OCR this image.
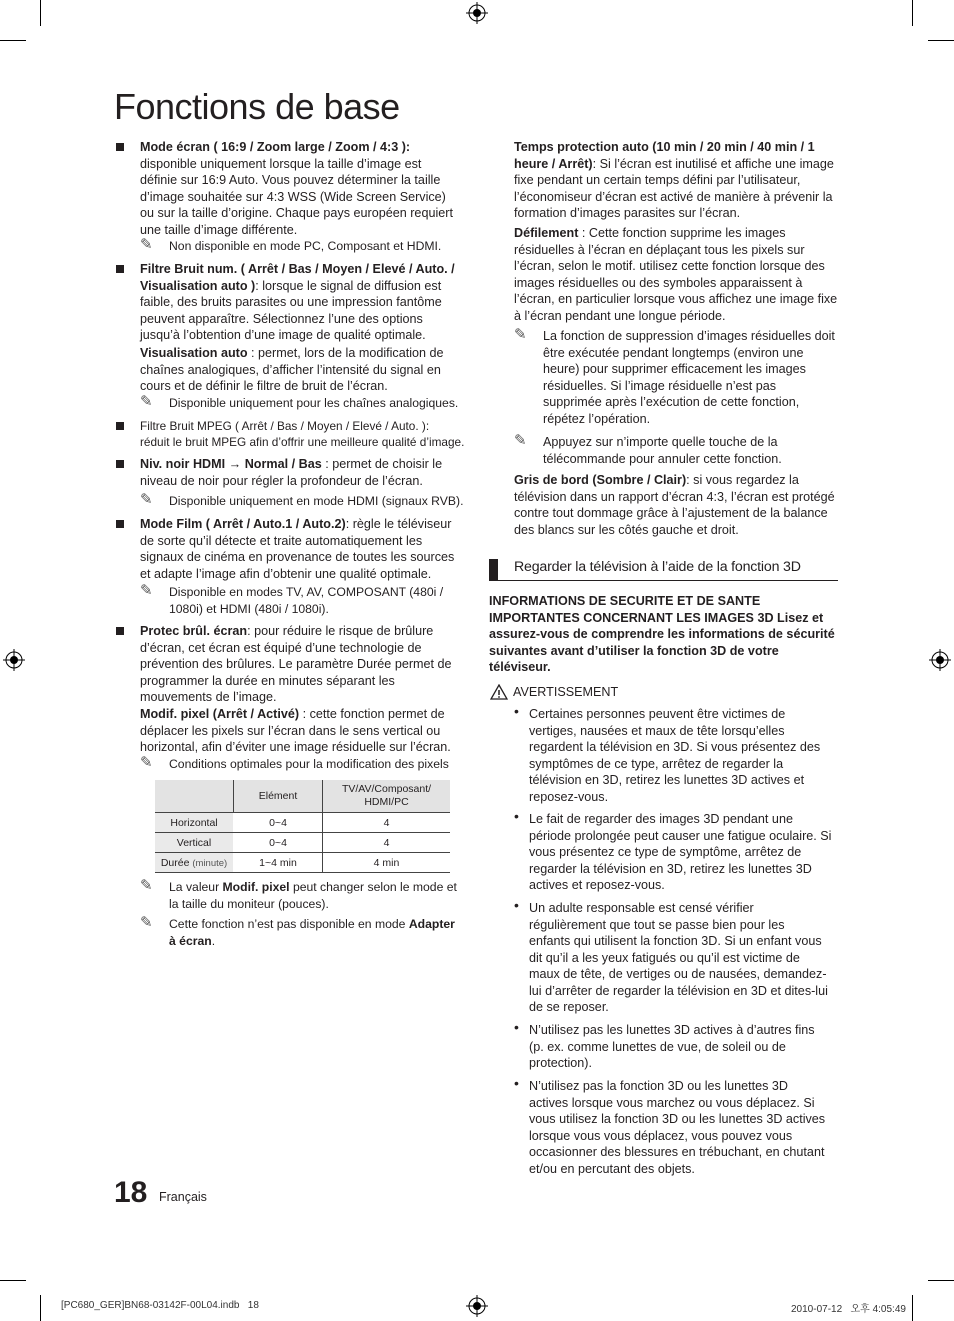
Fonctions de base
Mode écran ( 16:9 / Zoom large / Zoom / 4:3 ): disponible uniquement lorsque la taille d’image est définie sur 16:9 Auto. Vous pouvez déterminer la taille d’image souhaitée sur 4:3 WSS (Wide Screen Service) ou sur la taille d’origine. Chaque pays européen requiert une taille d’image différente.
✎ Non disponible en mode PC, Composant et HDMI.
Filtre Bruit num. ( Arrêt / Bas / Moyen / Elevé / Auto. / Visualisation auto ): lorsque le signal de diffusion est faible, des bruits parasites ou une impression fantôme peuvent apparaître. Sélectionnez l’une des options jusqu’à l’obtention d’une image de qualité optimale.
Visualisation auto : permet, lors de la modification de chaînes analogiques, d’afficher l’intensité du signal en cours et de définir le filtre de bruit de l’écran.
✎ Disponible uniquement pour les chaînes analogiques.
Filtre Bruit MPEG ( Arrêt / Bas / Moyen / Elevé / Auto. ):
réduit le bruit MPEG afin d’offrir une meilleure qualité d’image.
Niv. noir HDMI → Normal / Bas : permet de choisir le niveau de noir pour régler la profondeur de l’écran.
✎ Disponible uniquement en mode HDMI (signaux RVB).
Mode Film ( Arrêt / Auto.1 / Auto.2): règle le téléviseur de sorte qu’il détecte et traite automatiquement les signaux de cinéma en provenance de toutes les sources et adapte l’image afin d’obtenir une qualité optimale.
✎ Disponible en modes TV, AV, COMPOSANT (480i / 1080i) et HDMI (480i / 1080i).
Protec brûl. écran: pour réduire le risque de brûlure d’écran, cet écran est équipé d’une technologie de prévention des brûlures. Le paramètre Durée permet de programmer la durée en minutes séparant les mouvements de l’image.
Modif. pixel (Arrêt / Activé) : cette fonction permet de déplacer les pixels sur l’écran dans le sens vertical ou horizontal, afin d’éviter une image résiduelle sur l’écran.
✎ Conditions optimales pour la modification des pixels
	Elément	TV/AV/Composant/ HDMI/PC
Horizontal	0~4	4
Vertical	0~4	4
Durée (minute)	1~4 min	4 min
✎ La valeur Modif. pixel peut changer selon le mode et la taille du moniteur (pouces).
✎ Cette fonction n’est pas disponible en mode Adapter à écran.
Temps protection auto (10 min / 20 min / 40 min / 1 heure / Arrêt): Si l’écran est inutilisé et affiche une image fixe pendant un certain temps défini par l’utilisateur, l’économiseur d’écran est activé de manière à prévenir la formation d’images parasites sur l’écran.
Défilement : Cette fonction supprime les images résiduelles à l’écran en déplaçant tous les pixels sur l’écran, selon le motif. utilisez cette fonction lorsque des images résiduelles ou des symboles apparaissent à l’écran, en particulier lorsque vous affichez une image fixe à l’écran pendant une longue période.
✎ La fonction de suppression d’images résiduelles doit être exécutée pendant longtemps (environ une heure) pour supprimer efficacement les images résiduelles. Si l’image résiduelle n’est pas supprimée après l’exécution de cette fonction, répétez l’opération.
✎ Appuyez sur n’importe quelle touche de la télécommande pour annuler cette fonction.
Gris de bord (Sombre / Clair): si vous regardez la télévision dans un rapport d’écran 4:3, l’écran est protégé contre tout dommage grâce à l’ajustement de la balance des blancs sur les côtés gauche et droit.
Regarder la télévision à l’aide de la fonction 3D
INFORMATIONS DE SECURITE ET DE SANTE IMPORTANTES CONCERNANT LES IMAGES 3D Lisez et assurez-vous de comprendre les informations de sécurité suivantes avant d’utiliser la fonction 3D de votre téléviseur.
AVERTISSEMENT
• Certaines personnes peuvent être victimes de vertiges, nausées et maux de tête lorsqu’elles regardent la télévision en 3D. Si vous présentez des symptômes de ce type, arrêtez de regarder la télévision en 3D, retirez les lunettes 3D actives et reposez-vous.
• Le fait de regarder des images 3D pendant une période prolongée peut causer une fatigue oculaire. Si vous présentez ce type de symptôme, arrêtez de regarder la télévision en 3D, retirez les lunettes 3D actives et reposez-vous.
• Un adulte responsable est censé vérifier régulièrement que tout se passe bien pour les enfants qui utilisent la fonction 3D. Si un enfant vous dit qu’il a les yeux fatigués ou qu’il est victime de maux de tête, de vertiges ou de nausées, demandez-lui d’arrêter de regarder la télévision en 3D et dites-lui de se reposer.
• N’utilisez pas les lunettes 3D actives à d’autres fins (p. ex. comme lunettes de vue, de soleil ou de protection).
• N’utilisez pas la fonction 3D ou les lunettes 3D actives lorsque vous marchez ou vous déplacez. Si vous utilisez la fonction 3D ou les lunettes 3D actives lorsque vous vous déplacez, vous pouvez vous occasionner des blessures en trébuchant, en chutant et/ou en percutant des objets.
18 Français
[PC680_GER]BN68-03142F-00L04.indb   18	2010-07-12   오후 4:05:49
